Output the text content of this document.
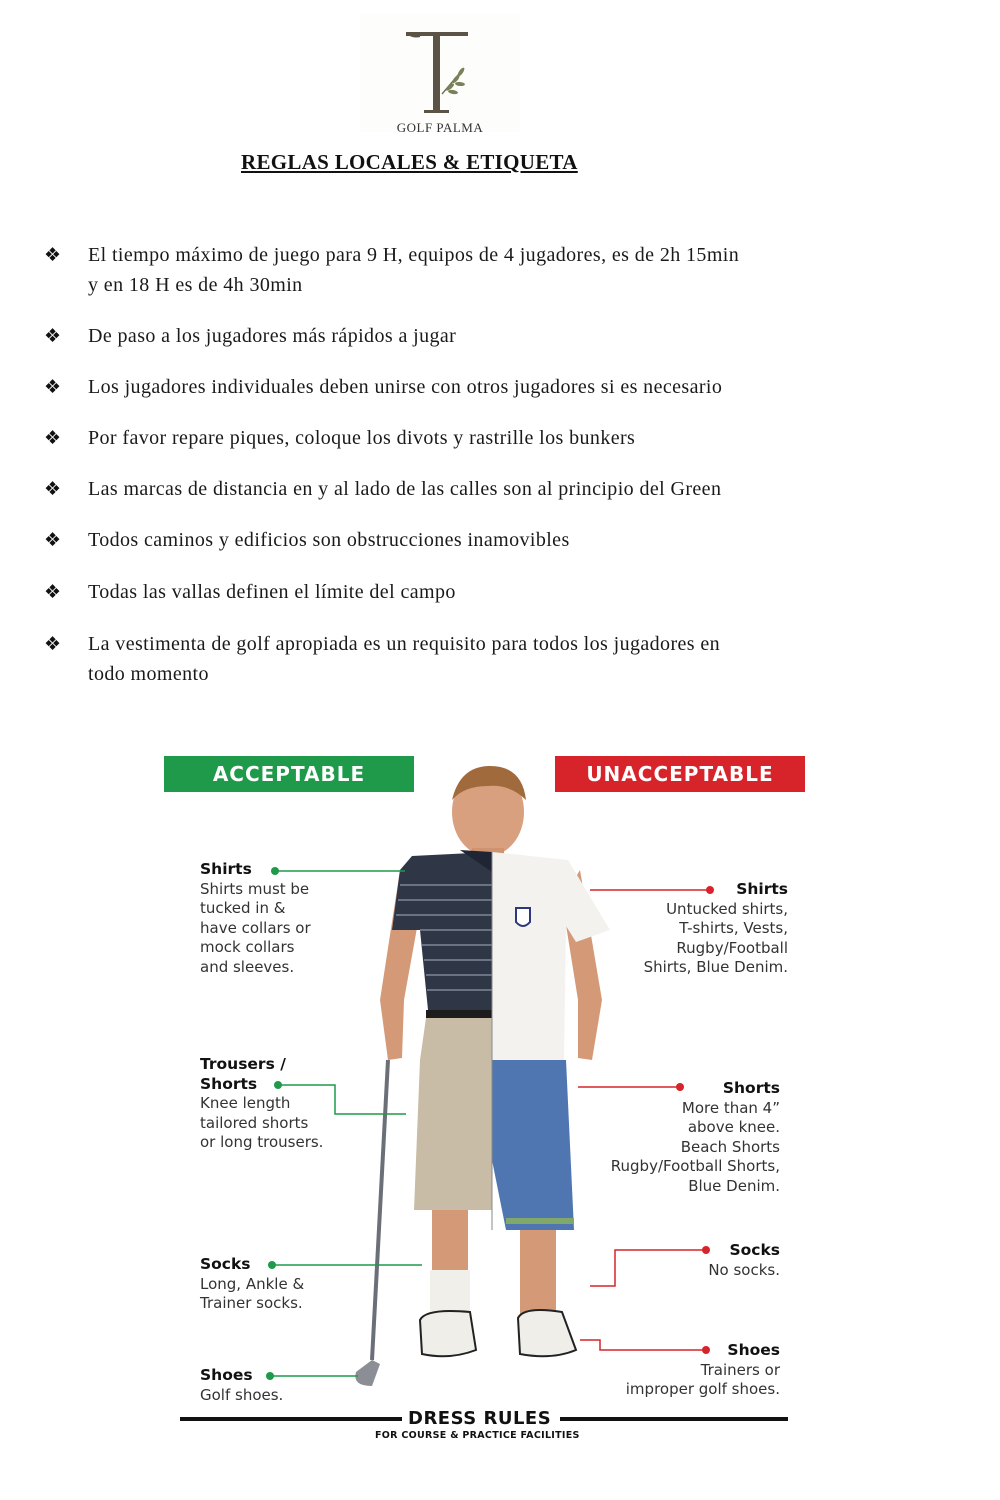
GOLF PALMA
REGLAS LOCALES & ETIQUETA
❖ El tiempo máximo de juego para 9 H, equipos de 4 jugadores, es de 2h 15min
y en 18 H es de 4h 30min
❖ De paso a los jugadores más rápidos a jugar
❖ Los jugadores individuales deben unirse con otros jugadores si es necesario
❖ Por favor repare piques, coloque los divots y rastrille los bunkers
❖ Las marcas de distancia en y al lado de las calles son al principio del Green
❖ Todos caminos y edificios son obstrucciones inamovibles
❖ Todas las vallas definen el límite del campo
❖ La vestimenta de golf apropiada es un requisito para todos los jugadores en
todo momento
ACCEPTABLE	UNACCEPTABLE
Shirts
Shirts must be
tucked in &
have collars or
mock collars
and sleeves.
Trousers /
Shorts
Knee length
tailored shorts
or long trousers.
Socks
Long, Ankle &
Trainer socks.
Shoes
Golf shoes.
Shirts
Untucked shirts,
T-shirts, Vests,
Rugby/Football
Shirts, Blue Denim.
Shorts
More than 4”
above knee.
Beach Shorts
Rugby/Football Shorts,
Blue Denim.
Socks
No socks.
Shoes
Trainers or
improper golf shoes.
DRESS RULES
FOR COURSE & PRACTICE FACILITIES
